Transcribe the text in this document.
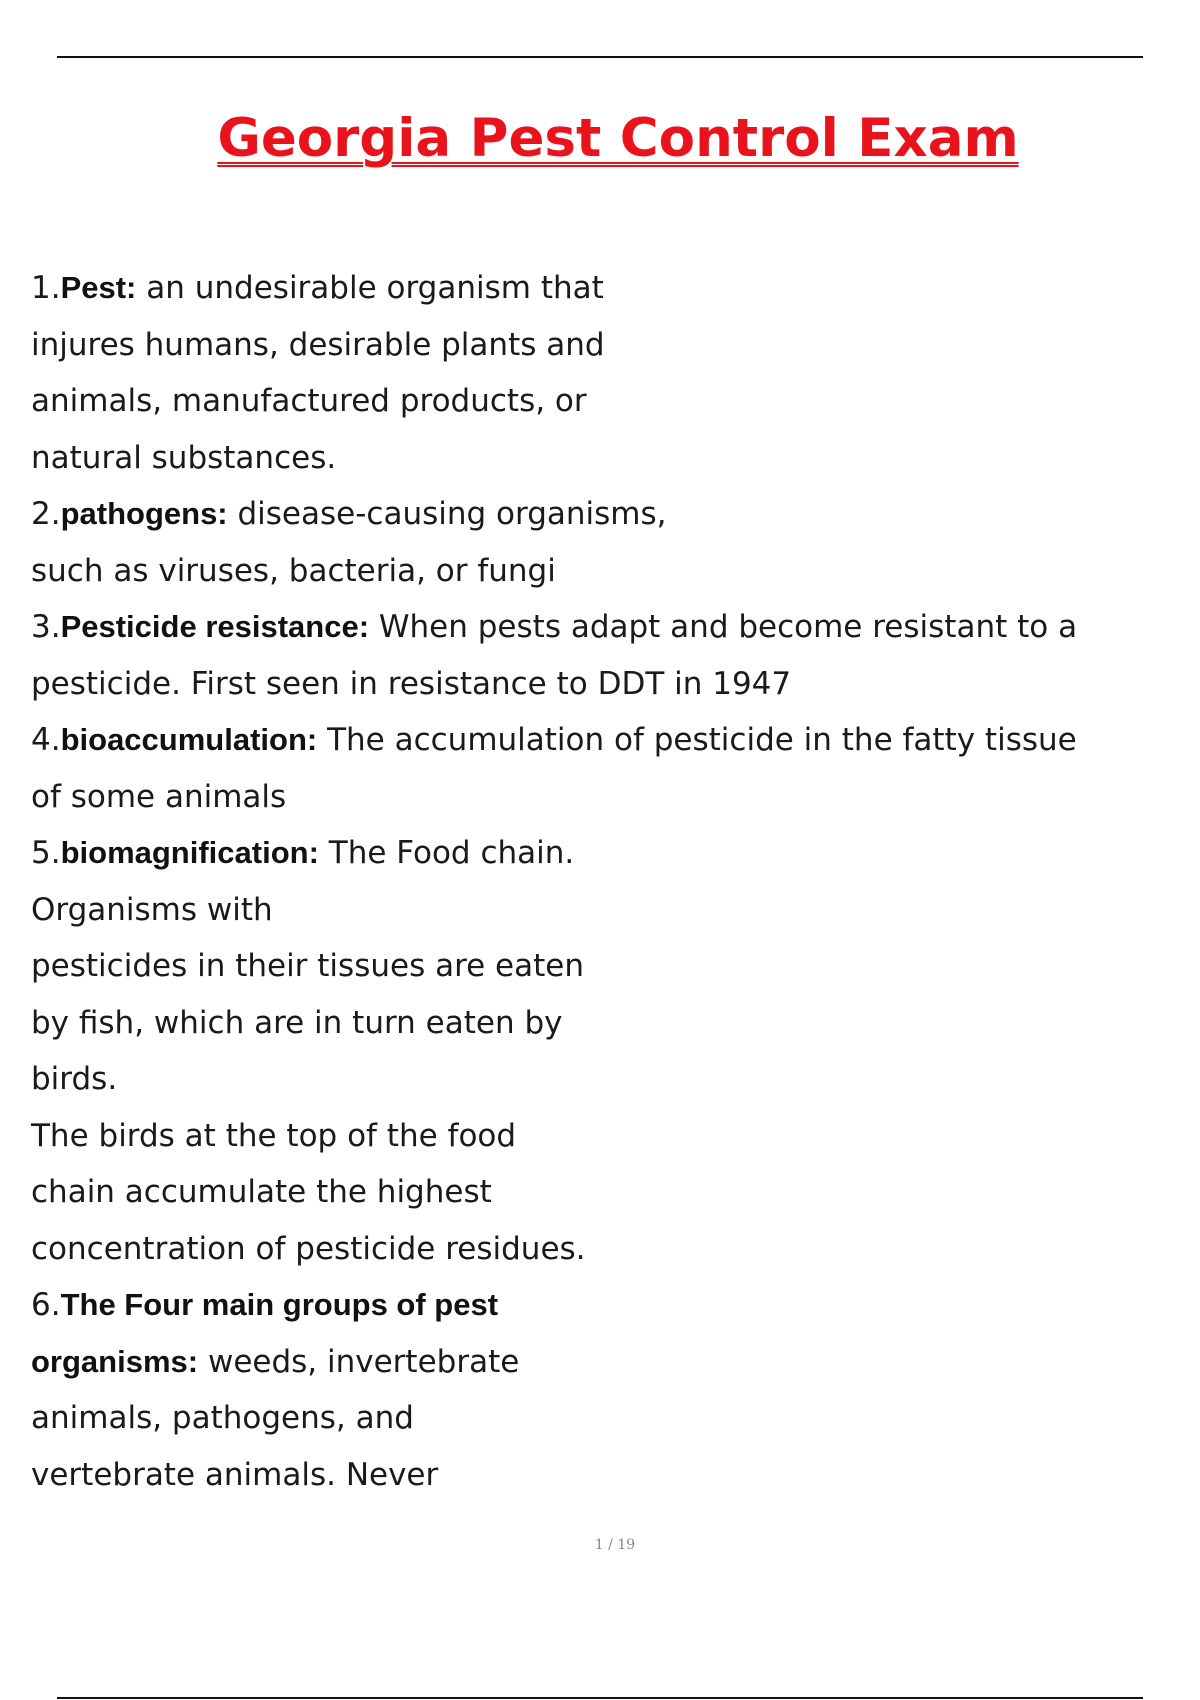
Georgia Pest Control Exam
1.Pest: an undesirable organism that
injures humans, desirable plants and
animals, manufactured products, or
natural substances.
2.pathogens: disease-causing organisms,
such as viruses, bacteria, or fungi
3.Pesticide resistance: When pests adapt and become resistant to a
pesticide. First seen in resistance to DDT in 1947
4.bioaccumulation: The accumulation of pesticide in the fatty tissue
of some animals
5.biomagnification: The Food chain.
Organisms with
pesticides in their tissues are eaten
by fish, which are in turn eaten by
birds.
The birds at the top of the food
chain accumulate the highest
concentration of pesticide residues.
6.The Four main groups of pest
organisms: weeds, invertebrate
animals, pathogens, and
vertebrate animals. Never
1 / 19
